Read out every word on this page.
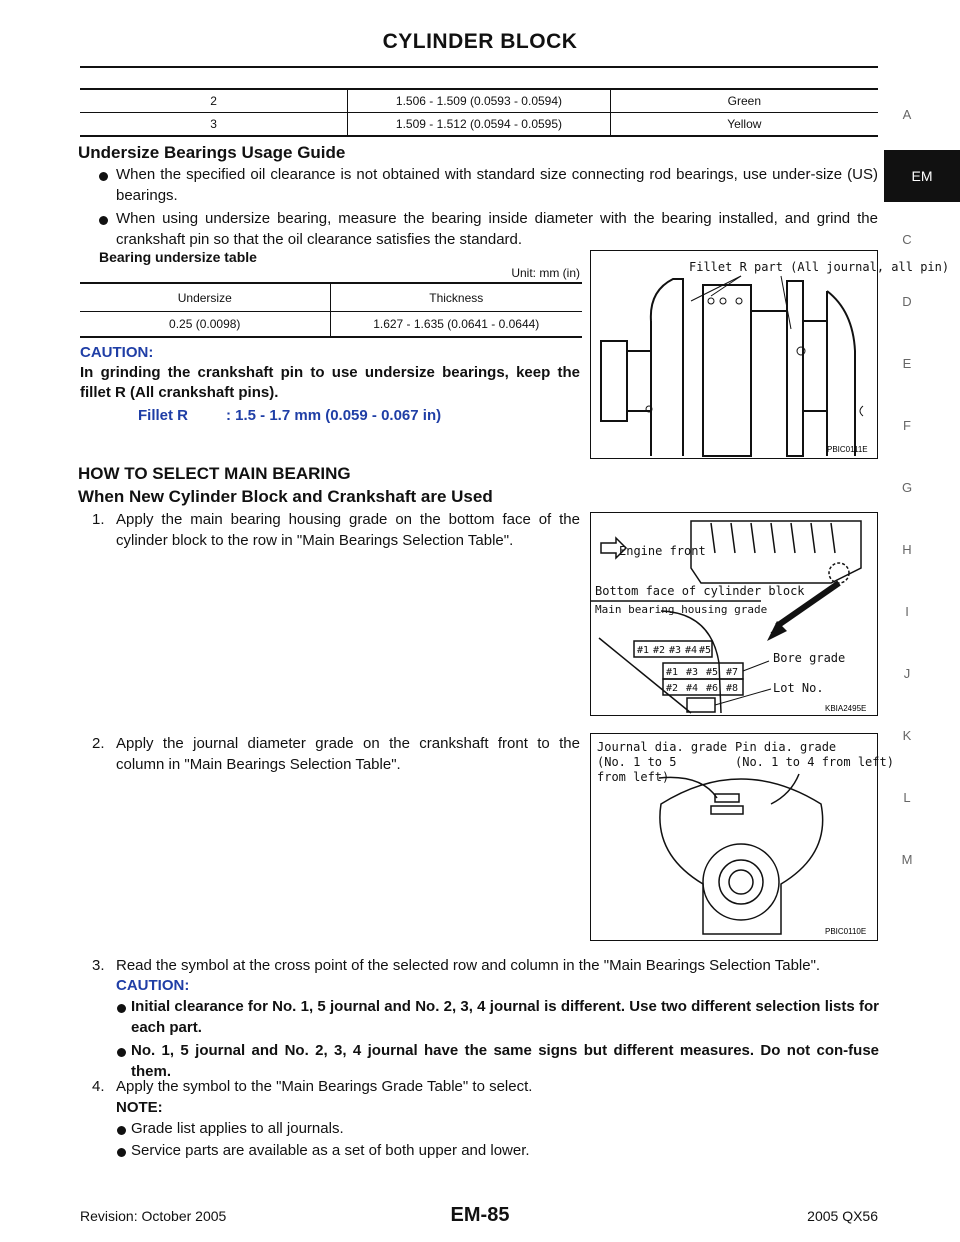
CYLINDER BLOCK
A
EM
C
D
E
F
G
H
I
J
K
L
M
2	1.506 - 1.509 (0.0593 - 0.0594)	Green
3	1.509 - 1.512 (0.0594 - 0.0595)	Yellow
Undersize Bearings Usage Guide
When the specified oil clearance is not obtained with standard size connecting rod bearings, use under-size (US) bearings.
When using undersize bearing, measure the bearing inside diameter with the bearing installed, and grind the crankshaft pin so that the oil clearance satisfies the standard.
Bearing undersize table
Unit: mm (in)
Undersize	Thickness
0.25 (0.0098)	1.627 - 1.635 (0.0641 - 0.0644)
CAUTION:
In grinding the crankshaft pin to use undersize bearings, keep the fillet R (All crankshaft pins).
Fillet R	: 1.5 - 1.7 mm (0.059 - 0.067 in)
Fillet R part (All journal, all pin)
PBIC0111E
HOW TO SELECT MAIN BEARING
When New Cylinder Block and Crankshaft are Used
1. Apply the main bearing housing grade on the bottom face of the cylinder block to the row in "Main Bearings Selection Table".
Engine front
Bottom face of cylinder block
Main bearing housing grade
Bore grade
Lot No.
#1 #2 #3 #4 #5
#1 #3 #5 #7
#2 #4 #6 #8
KBIA2495E
2. Apply the journal diameter grade on the crankshaft front to the column in "Main Bearings Selection Table".
Journal dia. grade (No. 1 to 5 from left)
Pin dia. grade (No. 1 to 4 from left)
PBIC0110E
3. Read the symbol at the cross point of the selected row and column in the "Main Bearings Selection Table".
CAUTION:
Initial clearance for No. 1, 5 journal and No. 2, 3, 4 journal is different. Use two different selection lists for each part.
No. 1, 5 journal and No. 2, 3, 4 journal have the same signs but different measures. Do not con-fuse them.
4. Apply the symbol to the "Main Bearings Grade Table" to select.
NOTE:
Grade list applies to all journals.
Service parts are available as a set of both upper and lower.
Revision: October 2005	EM-85	2005 QX56
